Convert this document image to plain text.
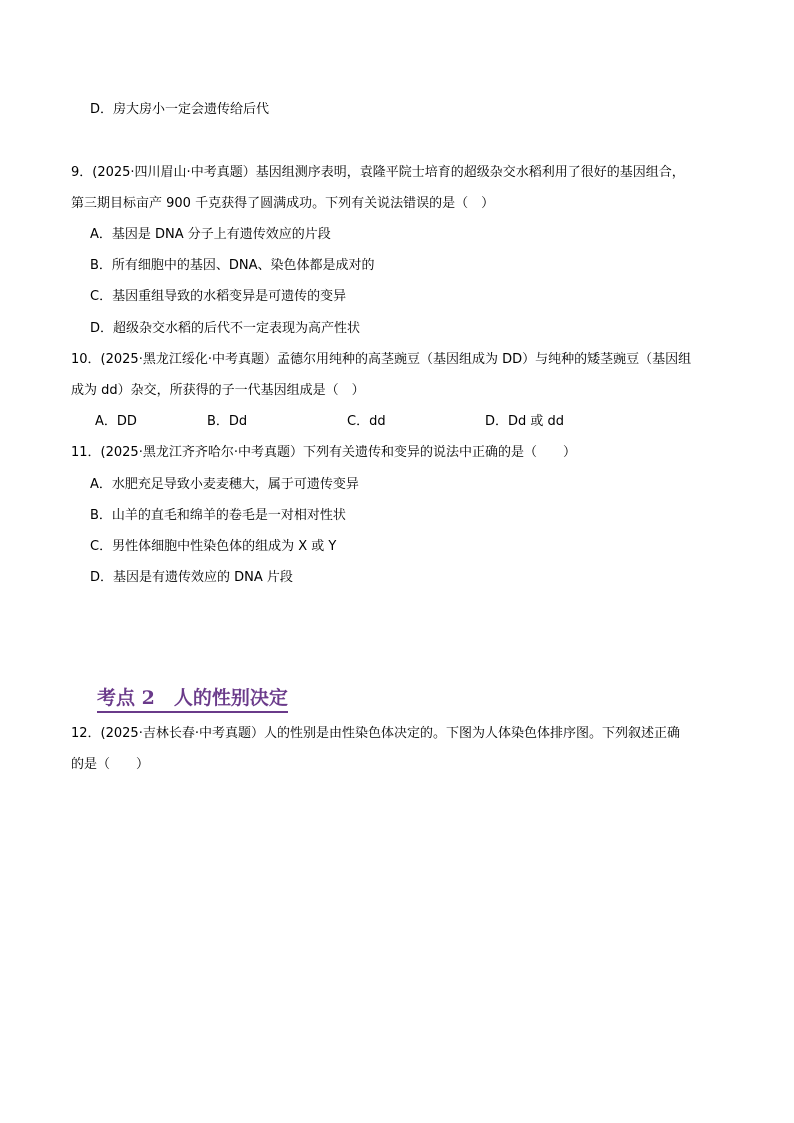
D．房大房小一定会遗传给后代
9．(2025·四川眉山·中考真题）基因组测序表明，袁隆平院士培育的超级杂交水稻利用了很好的基因组合，
第三期目标亩产 900 千克获得了圆满成功。下列有关说法错误的是（　）
A．基因是 DNA 分子上有遗传效应的片段
B．所有细胞中的基因、DNA、染色体都是成对的
C．基因重组导致的水稻变异是可遗传的变异
D．超级杂交水稻的后代不一定表现为高产性状
10．(2025·黑龙江绥化·中考真题）孟德尔用纯种的高茎豌豆（基因组成为 DD）与纯种的矮茎豌豆（基因组
成为 dd）杂交，所获得的子一代基因组成是（　）
A．DD	B．Dd	C．dd	D．Dd 或 dd
11．(2025·黑龙江齐齐哈尔·中考真题）下列有关遗传和变异的说法中正确的是（　　）
A．水肥充足导致小麦麦穗大，属于可遗传变异
B．山羊的直毛和绵羊的卷毛是一对相对性状
C．男性体细胞中性染色体的组成为 X 或 Y
D．基因是有遗传效应的 DNA 片段
考点 2　人的性别决定
12．(2025·吉林长春·中考真题）人的性别是由性染色体决定的。下图为人体染色体排序图。下列叙述正确
的是（　　）
